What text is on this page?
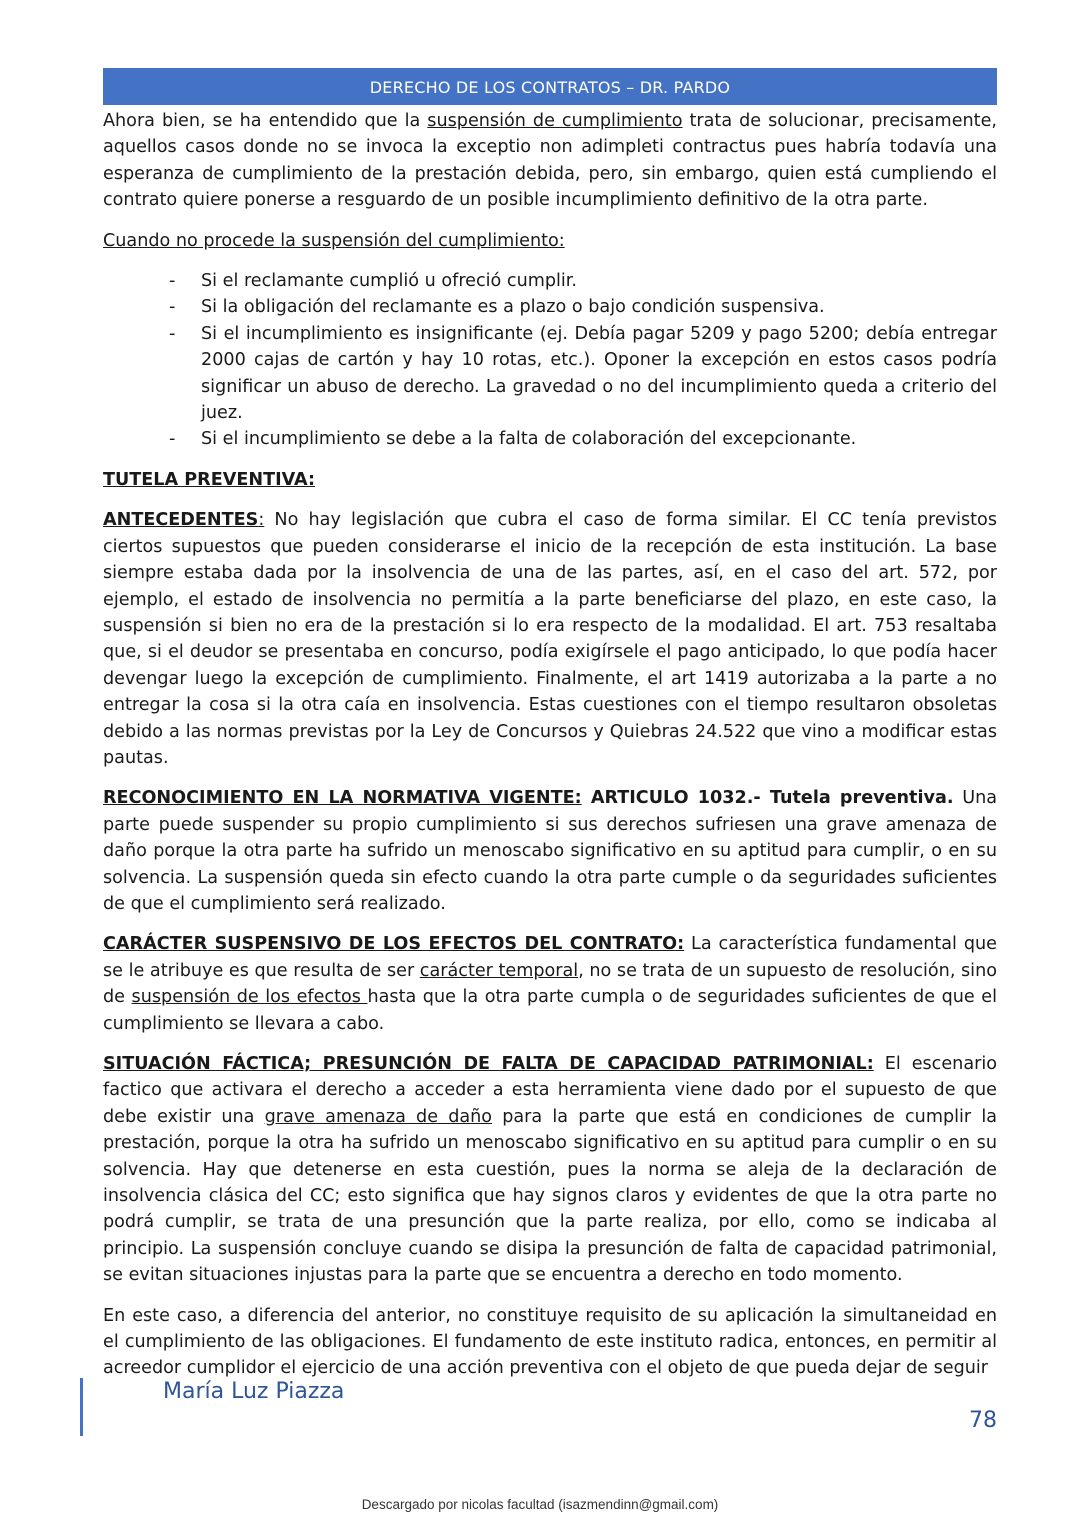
DERECHO DE LOS CONTRATOS – DR. PARDO

Ahora bien, se ha entendido que la suspensión de cumplimiento trata de solucionar, precisamente, aquellos casos donde no se invoca la exceptio non adimpleti contractus pues habría todavía una esperanza de cumplimiento de la prestación debida, pero, sin embargo, quien está cumpliendo el contrato quiere ponerse a resguardo de un posible incumplimiento definitivo de la otra parte.

Cuando no procede la suspensión del cumplimiento:

- Si el reclamante cumplió u ofreció cumplir.
- Si la obligación del reclamante es a plazo o bajo condición suspensiva.
- Si el incumplimiento es insignificante (ej. Debía pagar 5209 y pago 5200; debía entregar 2000 cajas de cartón y hay 10 rotas, etc.). Oponer la excepción en estos casos podría significar un abuso de derecho. La gravedad o no del incumplimiento queda a criterio del juez.
- Si el incumplimiento se debe a la falta de colaboración del excepcionante.

TUTELA PREVENTIVA:

ANTECEDENTES: No hay legislación que cubra el caso de forma similar. El CC tenía previstos ciertos supuestos que pueden considerarse el inicio de la recepción de esta institución. La base siempre estaba dada por la insolvencia de una de las partes, así, en el caso del art. 572, por ejemplo, el estado de insolvencia no permitía a la parte beneficiarse del plazo, en este caso, la suspensión si bien no era de la prestación si lo era respecto de la modalidad. El art. 753 resaltaba que, si el deudor se presentaba en concurso, podía exigírsele el pago anticipado, lo que podía hacer devengar luego la excepción de cumplimiento. Finalmente, el art 1419 autorizaba a la parte a no entregar la cosa si la otra caía en insolvencia. Estas cuestiones con el tiempo resultaron obsoletas debido a las normas previstas por la Ley de Concursos y Quiebras 24.522 que vino a modificar estas pautas.

RECONOCIMIENTO EN LA NORMATIVA VIGENTE: ARTICULO 1032.- Tutela preventiva. Una parte puede suspender su propio cumplimiento si sus derechos sufriesen una grave amenaza de daño porque la otra parte ha sufrido un menoscabo significativo en su aptitud para cumplir, o en su solvencia. La suspensión queda sin efecto cuando la otra parte cumple o da seguridades suficientes de que el cumplimiento será realizado.

CARÁCTER SUSPENSIVO DE LOS EFECTOS DEL CONTRATO: La característica fundamental que se le atribuye es que resulta de ser carácter temporal, no se trata de un supuesto de resolución, sino de suspensión de los efectos hasta que la otra parte cumpla o de seguridades suficientes de que el cumplimiento se llevara a cabo.

SITUACIÓN FÁCTICA; PRESUNCIÓN DE FALTA DE CAPACIDAD PATRIMONIAL: El escenario factico que activara el derecho a acceder a esta herramienta viene dado por el supuesto de que debe existir una grave amenaza de daño para la parte que está en condiciones de cumplir la prestación, porque la otra ha sufrido un menoscabo significativo en su aptitud para cumplir o en su solvencia. Hay que detenerse en esta cuestión, pues la norma se aleja de la declaración de insolvencia clásica del CC; esto significa que hay signos claros y evidentes de que la otra parte no podrá cumplir, se trata de una presunción que la parte realiza, por ello, como se indicaba al principio. La suspensión concluye cuando se disipa la presunción de falta de capacidad patrimonial, se evitan situaciones injustas para la parte que se encuentra a derecho en todo momento.

En este caso, a diferencia del anterior, no constituye requisito de su aplicación la simultaneidad en el cumplimiento de las obligaciones. El fundamento de este instituto radica, entonces, en permitir al acreedor cumplidor el ejercicio de una acción preventiva con el objeto de que pueda dejar de seguir

María Luz Piazza
78
Descargado por nicolas facultad (isazmendinn@gmail.com)
